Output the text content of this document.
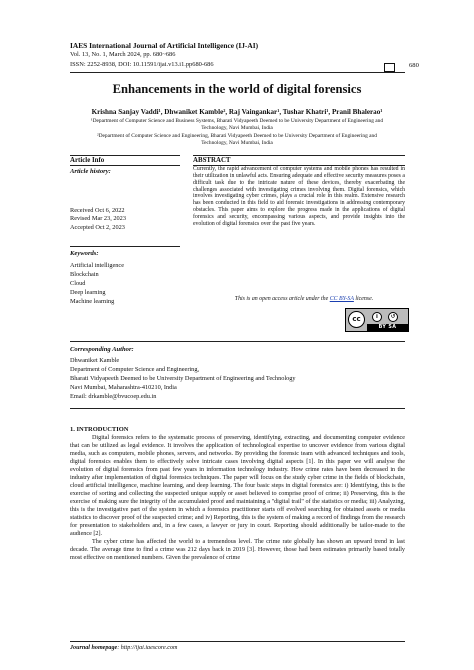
IAES International Journal of Artificial Intelligence (IJ-AI)
Vol. 13, No. 1, March 2024, pp. 680~686
ISSN: 2252-8938, DOI: 10.11591/ijai.v13.i1.pp680-686	680
Enhancements in the world of digital forensics
Krishna Sanjay Vaddi¹, Dhwaniket Kamble², Raj Vaingankar¹, Tushar Khatri¹, Pranil Bhalerao¹
¹Department of Computer Science and Business Systems, Bharati Vidyapeeth Deemed to be University Department of Engineering and
Technology, Navi Mumbai, India
²Department of Computer Science and Engineering, Bharati Vidyapeeth Deemed to be University Department of Engineering and
Technology, Navi Mumbai, India
Article Info
Article history:
Received Oct 6, 2022
Revised Mar 23, 2023
Accepted Oct 2, 2023
Keywords:
Artificial intelligence
Blockchain
Cloud
Deep learning
Machine learning
ABSTRACT
Currently, the rapid advancement of computer systems and mobile phones has resulted in their utilization in unlawful acts. Ensuring adequate and effective security measures poses a difficult task due to the intricate nature of these devices, thereby exacerbating the challenges associated with investigating crimes involving them. Digital forensics, which involves investigating cyber crimes, plays a crucial role in this realm. Extensive research has been conducted in this field to aid forensic investigations in addressing contemporary obstacles. This paper aims to explore the progress made in the applications of digital forensics and security, encompassing various aspects, and provide insights into the evolution of digital forensics over the past five years.
This is an open access article under the CC BY-SA license.
cc	i	↺
BY SA
Corresponding Author:
Dhwaniket Kamble
Department of Computer Science and Engineering,
Bharati Vidyapeeth Deemed to be University Department of Engineering and Technology
Navi Mumbai, Maharashtra-410210, India
Email: drkamble@bvucoep.edu.in
1. INTRODUCTION

Digital forensics refers to the systematic process of preserving, identifying, extracting, and documenting computer evidence that can be utilized as legal evidence. It involves the application of technological expertise to uncover evidence from various digital media, such as computers, mobile phones, servers, and networks. By providing the forensic team with advanced techniques and tools, digital forensics enables them to effectively solve intricate cases involving digital aspects [1]. In this paper we will analyse the evolution of digital forensics from past few years in information technology industry. How crime rates have been decreased in the industry after implementation of digital forensics techniques. The paper will focus on the study cyber crime in the fields of blockchain, cloud artificial intelligence, machine learning, and deep learning. The four basic steps in digital forensics are: i) Identifying, this is the exercise of sorting and collecting the suspected unique supply or asset believed to comprise proof of crime; ii) Preserving, this is the exercise of making sure the integrity of the accumulated proof and maintaining a "digital trail" of the statistics or media; iii) Analyzing, this is the investigative part of the system in which a forensics practitioner starts off evolved searching for obtained assets or media statistics to discover proof of the suspected crime; and iv) Reporting, this is the system of making a record of findings from the research for presentation to stakeholders and, in a few cases, a lawyer or jury in court. Reporting should additionally be tailor-made to the audience [2].

The cyber crime has affected the world to a tremendous level. The crime rate globally has shown an upward trend in last decade. The average time to find a crime was 212 days back in 2019 [3]. However, those had been estimates primarily based totally most effective on mentioned numbers. Given the prevalence of crime

Journal homepage: http://ijai.iaescore.com
